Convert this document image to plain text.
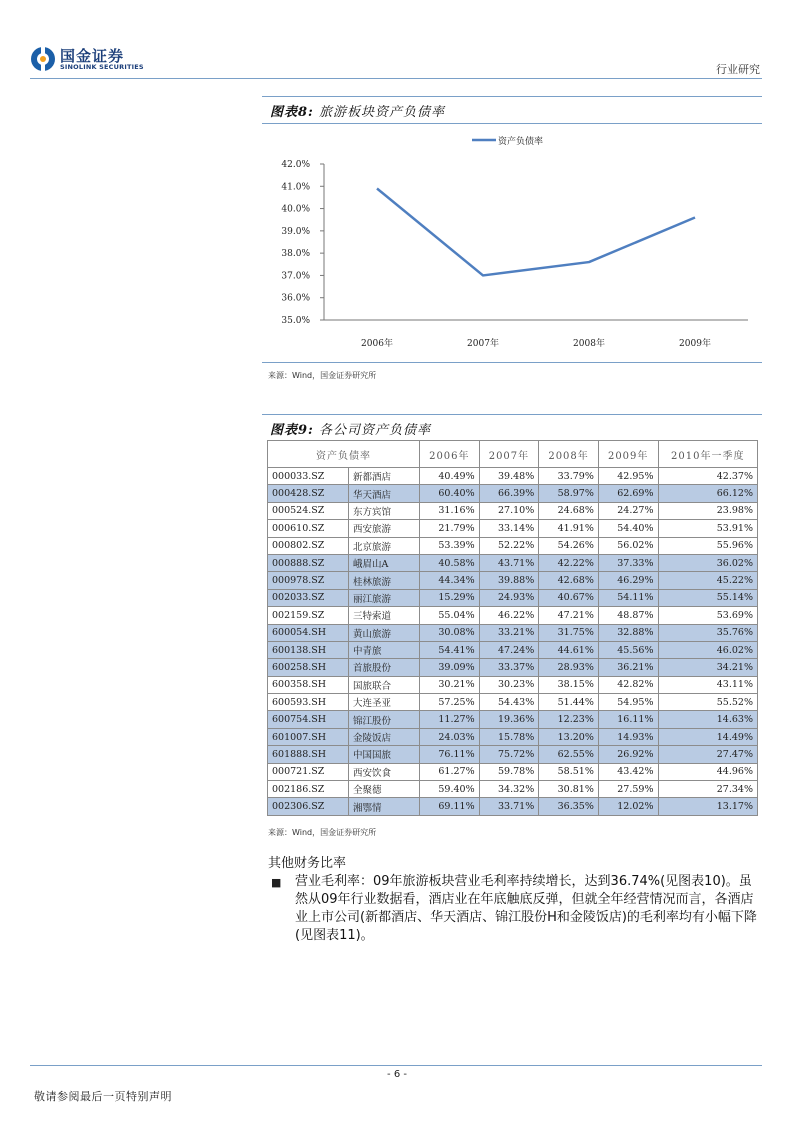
国金证券
SINOLINK SECURITIES	行业研究
图表8: 旅游板块资产负债率
35.0%
36.0%
37.0%
38.0%
39.0%
40.0%
41.0%
42.0%
2006年	2007年	2008年	2009年
资产负债率
来源：Wind，国金证券研究所
图表9: 各公司资产负债率
资产负债率		2006年	2007年	2008年	2009年	2010年一季度
000033.SZ	新都酒店	40.49%	39.48%	33.79%	42.95%	42.37%
000428.SZ	华天酒店	60.40%	66.39%	58.97%	62.69%	66.12%
000524.SZ	东方宾馆	31.16%	27.10%	24.68%	24.27%	23.98%
000610.SZ	西安旅游	21.79%	33.14%	41.91%	54.40%	53.91%
000802.SZ	北京旅游	53.39%	52.22%	54.26%	56.02%	55.96%
000888.SZ	峨眉山A	40.58%	43.71%	42.22%	37.33%	36.02%
000978.SZ	桂林旅游	44.34%	39.88%	42.68%	46.29%	45.22%
002033.SZ	丽江旅游	15.29%	24.93%	40.67%	54.11%	55.14%
002159.SZ	三特索道	55.04%	46.22%	47.21%	48.87%	53.69%
600054.SH	黄山旅游	30.08%	33.21%	31.75%	32.88%	35.76%
600138.SH	中青旅	54.41%	47.24%	44.61%	45.56%	46.02%
600258.SH	首旅股份	39.09%	33.37%	28.93%	36.21%	34.21%
600358.SH	国旅联合	30.21%	30.23%	38.15%	42.82%	43.11%
600593.SH	大连圣亚	57.25%	54.43%	51.44%	54.95%	55.52%
600754.SH	锦江股份	11.27%	19.36%	12.23%	16.11%	14.63%
601007.SH	金陵饭店	24.03%	15.78%	13.20%	14.93%	14.49%
601888.SH	中国国旅	76.11%	75.72%	62.55%	26.92%	27.47%
000721.SZ	西安饮食	61.27%	59.78%	58.51%	43.42%	44.96%
002186.SZ	全聚德	59.40%	34.32%	30.81%	27.59%	27.34%
002306.SZ	湘鄂情	69.11%	33.71%	36.35%	12.02%	13.17%
来源：Wind，国金证券研究所
其他财务比率
■ 营业毛利率：09年旅游板块营业毛利率持续增长，达到36.74%(见图表10)。虽然从09年行业数据看，酒店业在年底触底反弹，但就全年经营情况而言，各酒店业上市公司(新都酒店、华天酒店、锦江股份H和金陵饭店)的毛利率均有小幅下降(见图表11)。
- 6 -
敬请参阅最后一页特别声明
